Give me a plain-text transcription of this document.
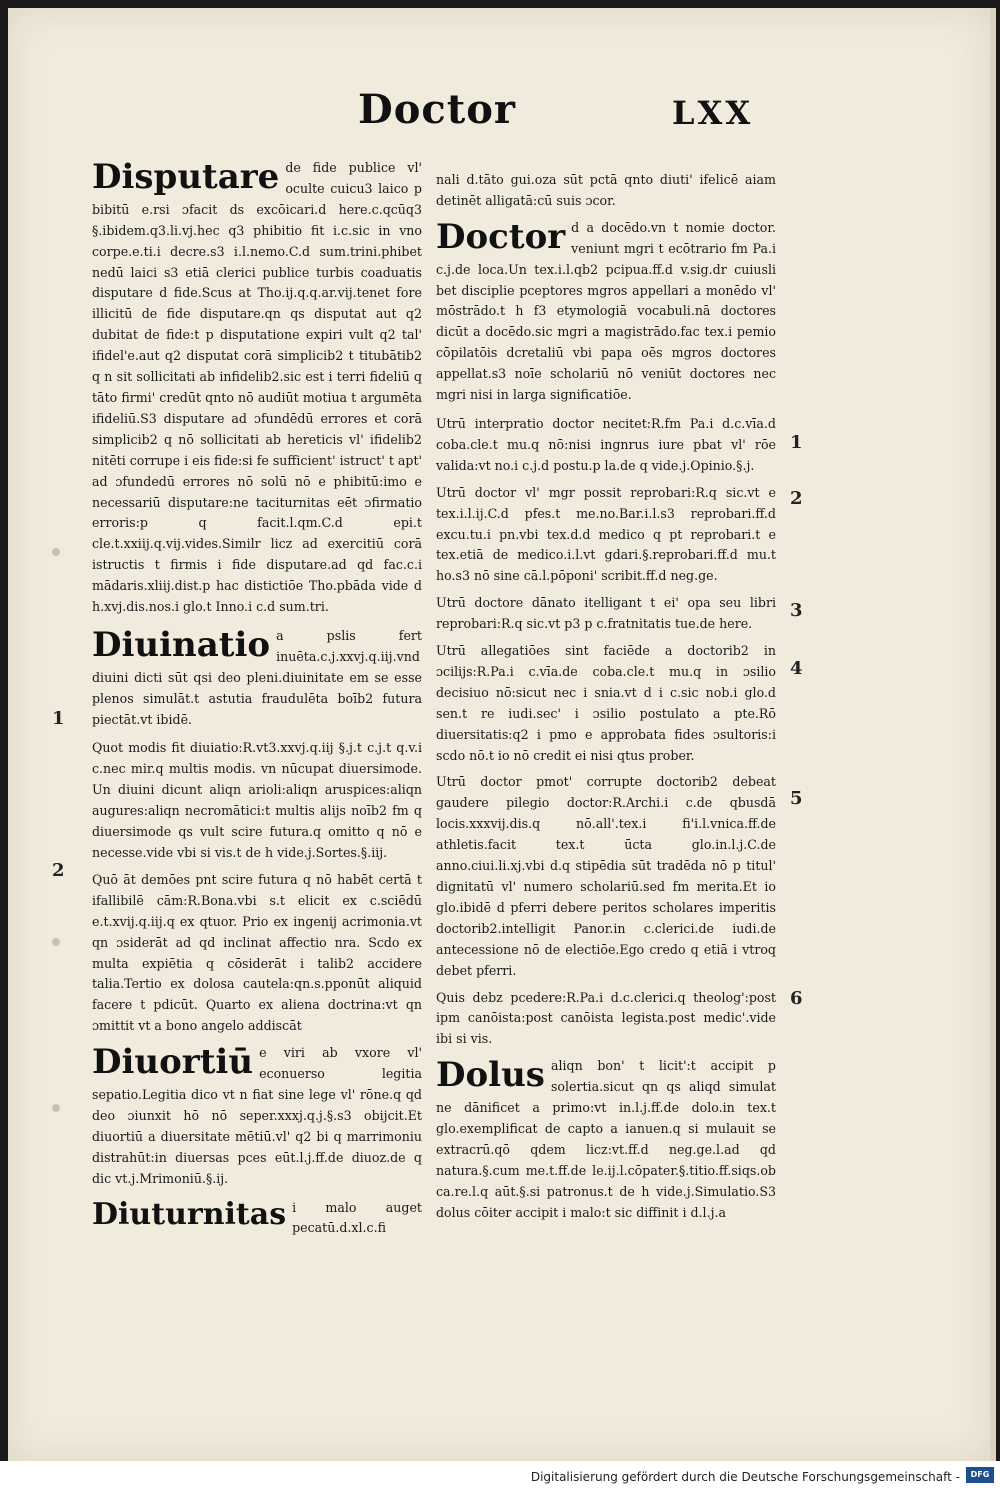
Doctor	LXX
Disputare de fide publice vl' oculte cuicu3 laico p bibitū e.rsi ɔfacit ds excōicari.d here.c.qcūq3 §.ibidem.q3.li.vj.hec q3 phibitio fit i.c.sic in vno corpe.e.ti.i decre.s3 i.l.nemo.C.d sum.trini.phibet nedū laici s3 etiā clerici publice turbis coaduatis disputare d fide.Scus at Tho.ij.q.q.ar.vij.tenet fore illicitū de fide disputare.qn qs disputat aut q2 dubitat de fide:t p disputatione expiri vult q2 tal' ifidel'e.aut q2 disputat corā simplicib2 t titubātib2 q n sit sollicitati ab infidelib2.sic est i terri fideliū q tāto firmi' credūt qnto nō audiūt motiua t argumēta ifideliū.S3 disputare ad ɔfundēdū errores et corā simplicib2 q nō sollicitati ab hereticis vl' ifidelib2 nitēti corrupe i eis fide:si fe sufficient' istruct' t apt' ad ɔfundedū errores nō solū nō e phibitū:imo e necessariū disputare:ne taciturnitas eēt ɔfirmatio erroris:p q facit.l.qm.C.d epi.t cle.t.xxiij.q.vij.vides.Similr licz ad exercitiū corā istructis t firmis i fide disputare.ad qd fac.c.i mādaris.xliij.dist.p hac distictiōe Tho.pbāda vide d h.xvj.dis.nos.i glo.t Inno.i c.d sum.tri.
Diuinatio a pslis fert inuēta.c.j.xxvj.q.iij.vnd diuini dicti sūt qsi deo pleni.diuinitate em se esse plenos simulāt.t astutia fraudulēta boīb2 futura piectāt.vt ibidē.

Quot modis fit diuiatio:R.vt3.xxvj.q.iij §.j.t c.j.t q.v.i c.nec mir.q multis modis. vn nūcupat diuersimode. Un diuini dicunt aliqn arioli:aliqn aruspices:aliqn augures:aliqn necromātici:t multis alijs noīb2 fm q diuersimode qs vult scire futura.q omitto q nō e necesse.vide vbi si vis.t de h vide.j.Sortes.§.iij.

Quō āt demōes pnt scire futura q nō habēt certā t ifallibilē cām:R.Bona.vbi s.t elicit ex c.sciēdū e.t.xvij.q.iij.q ex qtuor. Prio ex ingenij acrimonia.vt qn ɔsiderāt ad qd inclinat affectio nra. Scdo ex multa expiētia q cōsiderāt i talib2 accidere talia.Tertio ex dolosa cautela:qn.s.pponūt aliquid facere t pdicūt. Quarto ex aliena doctrina:vt qn ɔmittit vt a bono angelo addiscāt

Diuortiū e viri ab vxore vl' econuerso legitia sepatio.Legitia dico vt n fiat sine lege vl' rōne.q qd deo ɔiunxit hō nō seper.xxxj.q.j.§.s3 obijcit.Et diuortiū a diuersitate mētiū.vl' q2 bi q marrimoniu distrahūt:in diuersas pces eūt.l.j.ff.de diuoz.de q dic vt.j.Mrimoniū.§.ij.
Diuturnitas i malo auget pecatū.d.xl.c.fi

nali d.tāto gui.oza sūt pctā qnto diuti' ifelicē aiam detinēt alligatā:cū suis ɔcor.

Doctor d a docēdo.vn t nomie doctor. veniunt mgri t ecōtrario fm Pa.i c.j.de loca.Un tex.i.l.qb2 pcipua.ff.d v.sig.dr cuiusli bet disciplie pceptores mgros appellari a monēdo vl' mōstrādo.t h f3 etymologiā vocabuli.nā doctores dicūt a docēdo.sic mgri a magistrādo.fac tex.i pemio cōpilatōis dcretaliū vbi papa oēs mgros doctores appellat.s3 noīe scholariū nō veniūt doctores nec mgri nisi in larga significatiōe.

Utrū interpratio doctor necitet:R.fm Pa.i d.c.vīa.d coba.cle.t mu.q nō:nisi ingnrus iure pbat vl' rōe valida:vt no.i c.j.d postu.p la.de q vide.j.Opinio.§.j.

Utrū doctor vl' mgr possit reprobari:R.q sic.vt e tex.i.l.ij.C.d pfes.t me.no.Bar.i.l.s3 reprobari.ff.d excu.tu.i pn.vbi tex.d.d medico q pt reprobari.t e tex.etiā de medico.i.l.vt gdari.§.reprobari.ff.d mu.t ho.s3 nō sine cā.l.pōponi' scribit.ff.d neg.ge.

Utrū doctore dānato itelligant t ei' opa seu libri reprobari:R.q sic.vt p3 p c.fratnitatis tue.de here.

Utrū allegatiōes sint faciēde a doctorib2 in ɔcilijs:R.Pa.i c.vīa.de coba.cle.t mu.q in ɔsilio decisiuo nō:sicut nec i snia.vt d i c.sic nob.i glo.d sen.t re iudi.sec' i ɔsilio postulato a pte.Rō diuersitatis:q2 i pmo e approbata fides ɔsultoris:i scdo nō.t io nō credit ei nisi qtus prober.

Utrū doctor pmot' corrupte doctorib2 debeat gaudere pilegio doctor:R.Archi.i c.de qbusdā locis.xxxvij.dis.q nō.all'.tex.i fi'i.l.vnica.ff.de athletis.facit tex.t ūcta glo.in.l.j.C.de anno.ciui.li.xj.vbi d.q stipēdia sūt tradēda nō p titul' dignitatū vl' numero scholariū.sed fm merita.Et io glo.ibidē d pferri debere peritos scholares imperitis doctorib2.intelligit Panor.in c.clerici.de iudi.de antecessione nō de electiōe.Ego credo q etiā i vtroq debet pferri.

Quis debz pcedere:R.Pa.i d.c.clerici.q theolog':post ipm canōista:post canōista legista.post medic'.vide ibi si vis.

Dolus aliqn bon' t licit':t accipit p solertia.sicut qn qs aliqd simulat ne dānificet a primo:vt in.l.j.ff.de dolo.in tex.t glo.exemplificat de capto a ianuen.q si mulauit se extracrū.qō qdem licz:vt.ff.d neg.ge.l.ad qd natura.§.cum me.t.ff.de le.ij.l.cōpater.§.titio.ff.siqs.ob ca.re.l.q aūt.§.si patronus.t de h vide.j.Simulatio.S3 dolus cōiter accipit i malo:t sic diffinit i d.l.j.a
1
2
1
2
3
4
5
6
Digitalisierung gefördert durch die Deutsche Forschungsgemeinschaft -	DFG
